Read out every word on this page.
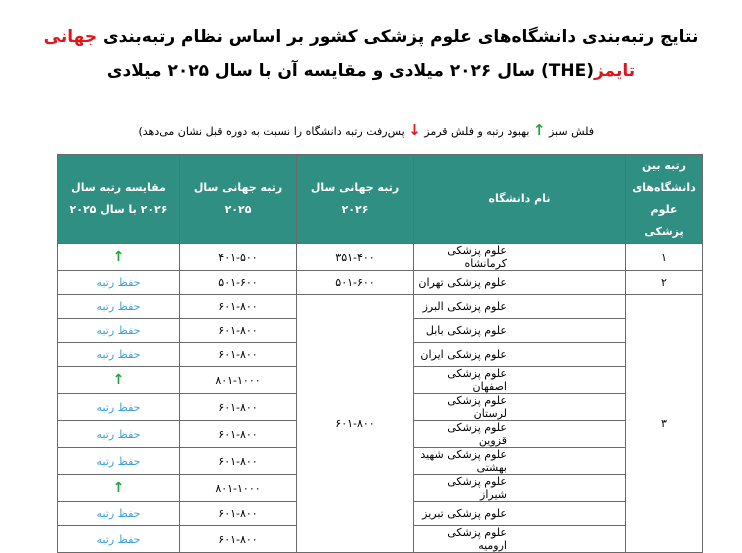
نتایج رتبه‌بندی دانشگاه‌های علوم پزشکی کشور بر اساس نظام رتبه‌بندی جهانی
تایمز(THE) سال ۲۰۲۶ میلادی و مقایسه آن با سال ۲۰۲۵ میلادی
فلش سبز ↑ بهبود رتبه و فلش قرمز ↓ پس‌رفت رتبه دانشگاه را نسبت به دوره قبل نشان می‌دهد)
رتبه بین دانشگاه‌های علوم پزشکی	نام دانشگاه	رتبه جهانی سال ۲۰۲۶	رتبه جهانی سال ۲۰۲۵	مقایسه رتبه سال ۲۰۲۶ با سال ۲۰۲۵
۱	علوم پزشکی کرمانشاه	۳۵۱-۴۰۰	۴۰۱-۵۰۰	↑
۲	علوم پزشکی تهران	۵۰۱-۶۰۰	۵۰۱-۶۰۰	حفظ رتبه
۳	علوم پزشکی البرز	۶۰۱-۸۰۰	۶۰۱-۸۰۰	حفظ رتبه
	علوم پزشکی بابل		۶۰۱-۸۰۰	حفظ رتبه
	علوم پزشکی ایران		۶۰۱-۸۰۰	حفظ رتبه
	علوم پزشکی اصفهان		۸۰۱-۱۰۰۰	↑
	علوم پزشکی لرستان		۶۰۱-۸۰۰	حفظ رتبه
	علوم پزشکی قزوین		۶۰۱-۸۰۰	حفظ رتبه
	علوم پزشکی شهید بهشتی		۶۰۱-۸۰۰	حفظ رتبه
	علوم پزشکی شیراز		۸۰۱-۱۰۰۰	↑
	علوم پزشکی تبریز		۶۰۱-۸۰۰	حفظ رتبه
	علوم پزشکی ارومیه		۶۰۱-۸۰۰	حفظ رتبه
